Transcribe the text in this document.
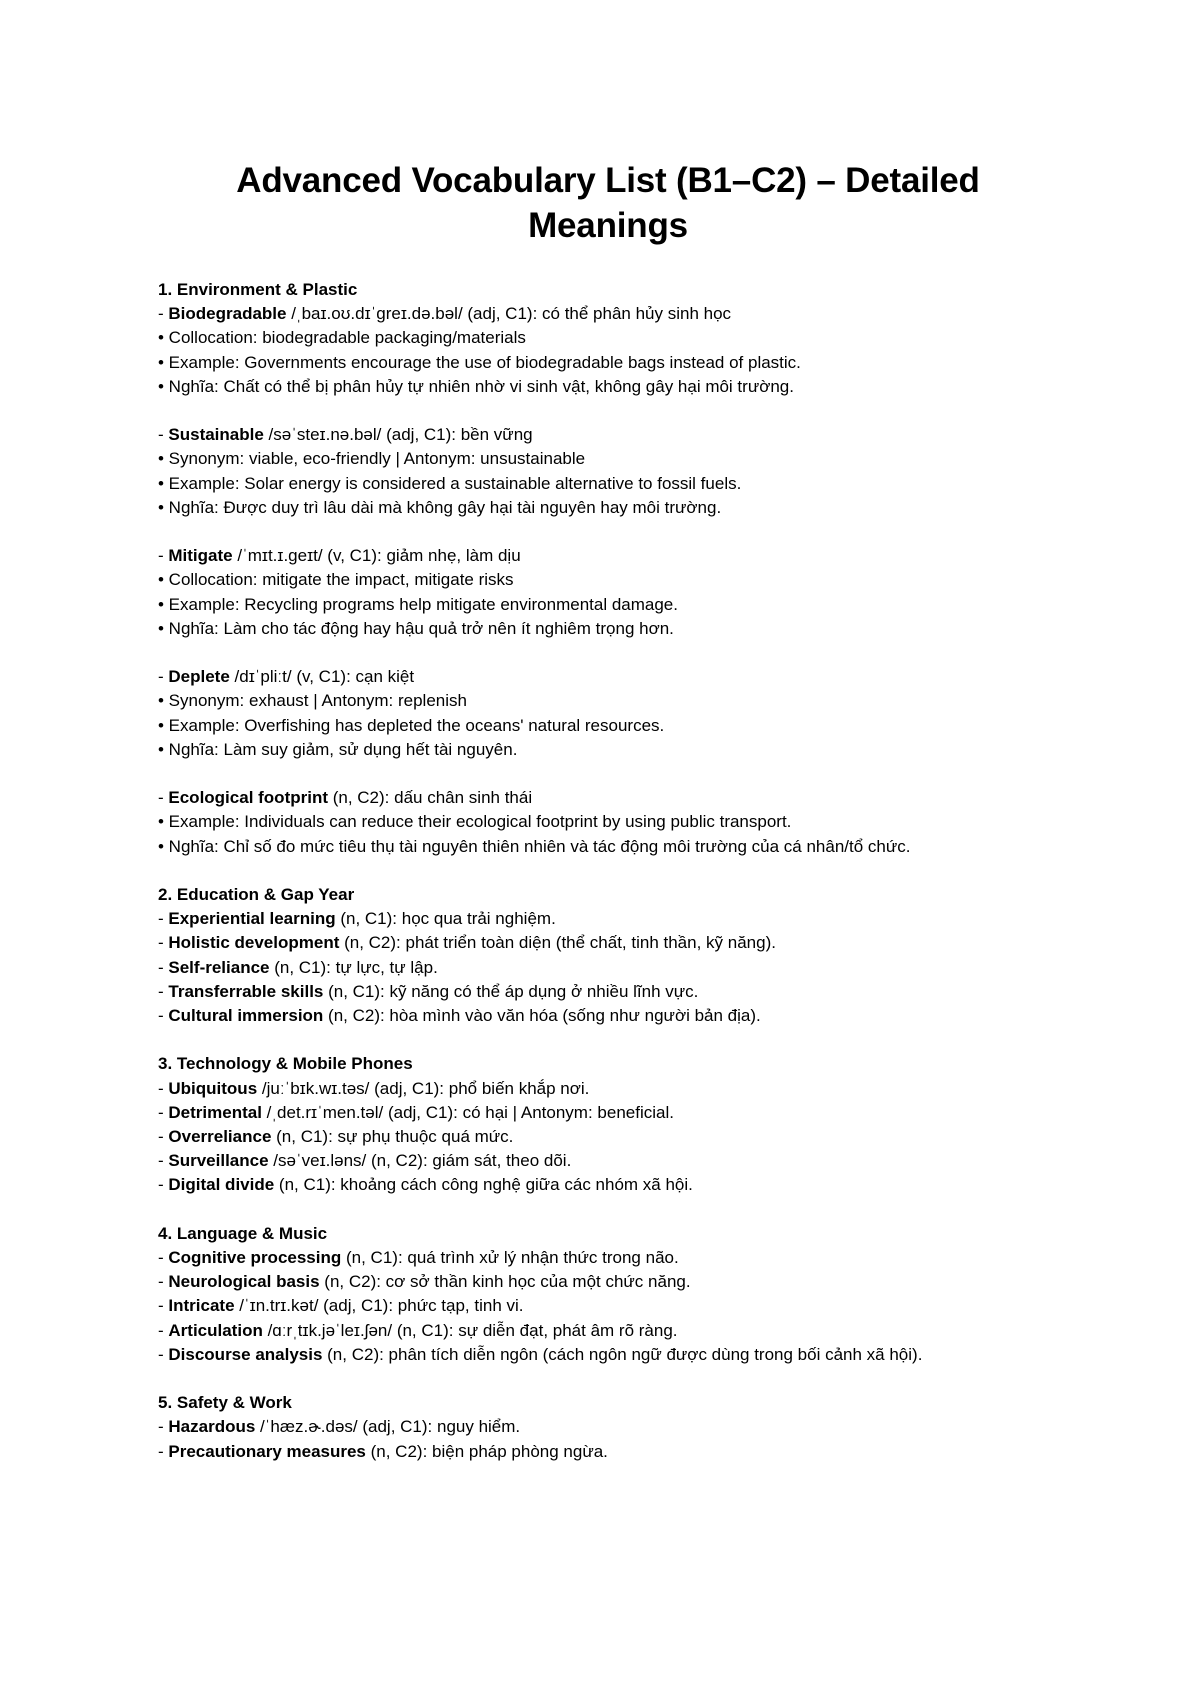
Advanced Vocabulary List (B1–C2) – Detailed Meanings
1. Environment & Plastic
- Biodegradable /ˌbaɪ.oʊ.dɪˈɡreɪ.də.bəl/ (adj, C1): có thể phân hủy sinh học
• Collocation: biodegradable packaging/materials
• Example: Governments encourage the use of biodegradable bags instead of plastic.
• Nghĩa: Chất có thể bị phân hủy tự nhiên nhờ vi sinh vật, không gây hại môi trường.
- Sustainable /səˈsteɪ.nə.bəl/ (adj, C1): bền vững
• Synonym: viable, eco-friendly | Antonym: unsustainable
• Example: Solar energy is considered a sustainable alternative to fossil fuels.
• Nghĩa: Được duy trì lâu dài mà không gây hại tài nguyên hay môi trường.
- Mitigate /ˈmɪt.ɪ.ɡeɪt/ (v, C1): giảm nhẹ, làm dịu
• Collocation: mitigate the impact, mitigate risks
• Example: Recycling programs help mitigate environmental damage.
• Nghĩa: Làm cho tác động hay hậu quả trở nên ít nghiêm trọng hơn.
- Deplete /dɪˈpliːt/ (v, C1): cạn kiệt
• Synonym: exhaust | Antonym: replenish
• Example: Overfishing has depleted the oceans' natural resources.
• Nghĩa: Làm suy giảm, sử dụng hết tài nguyên.
- Ecological footprint (n, C2): dấu chân sinh thái
• Example: Individuals can reduce their ecological footprint by using public transport.
• Nghĩa: Chỉ số đo mức tiêu thụ tài nguyên thiên nhiên và tác động môi trường của cá nhân/tổ chức.
2. Education & Gap Year
- Experiential learning (n, C1): học qua trải nghiệm.
- Holistic development (n, C2): phát triển toàn diện (thể chất, tinh thần, kỹ năng).
- Self-reliance (n, C1): tự lực, tự lập.
- Transferrable skills (n, C1): kỹ năng có thể áp dụng ở nhiều lĩnh vực.
- Cultural immersion (n, C2): hòa mình vào văn hóa (sống như người bản địa).
3. Technology & Mobile Phones
- Ubiquitous /juːˈbɪk.wɪ.təs/ (adj, C1): phổ biến khắp nơi.
- Detrimental /ˌdet.rɪˈmen.təl/ (adj, C1): có hại | Antonym: beneficial.
- Overreliance (n, C1): sự phụ thuộc quá mức.
- Surveillance /səˈveɪ.ləns/ (n, C2): giám sát, theo dõi.
- Digital divide (n, C1): khoảng cách công nghệ giữa các nhóm xã hội.
4. Language & Music
- Cognitive processing (n, C1): quá trình xử lý nhận thức trong não.
- Neurological basis (n, C2): cơ sở thần kinh học của một chức năng.
- Intricate /ˈɪn.trɪ.kət/ (adj, C1): phức tạp, tinh vi.
- Articulation /ɑːrˌtɪk.jəˈleɪ.ʃən/ (n, C1): sự diễn đạt, phát âm rõ ràng.
- Discourse analysis (n, C2): phân tích diễn ngôn (cách ngôn ngữ được dùng trong bối cảnh xã hội).
5. Safety & Work
- Hazardous /ˈhæz.ɚ.dəs/ (adj, C1): nguy hiểm.
- Precautionary measures (n, C2): biện pháp phòng ngừa.
